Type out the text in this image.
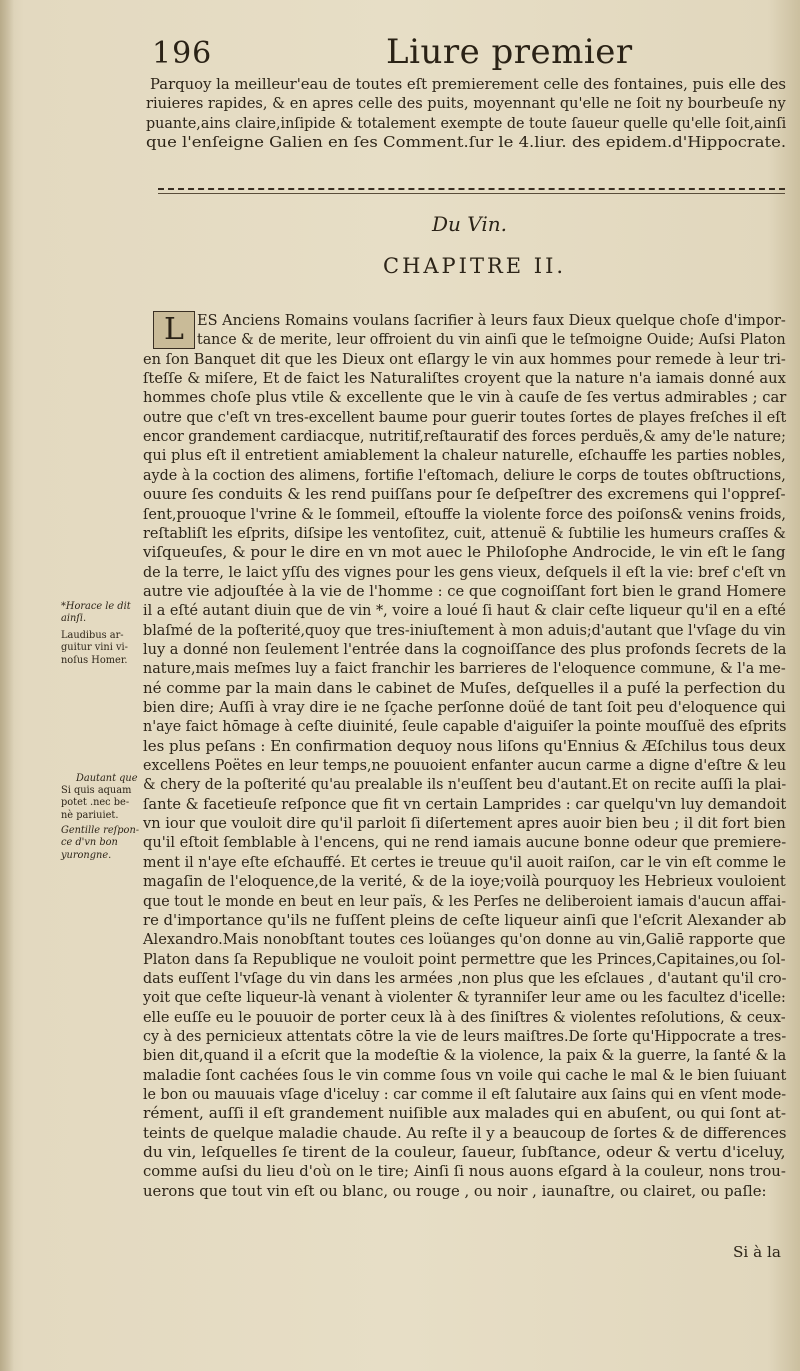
196	Liure premier
Parquoy la meilleur'eau de toutes eſt premierement celle des fontaines, puis elle des
riuieres rapides, & en apres celle des puits, moyennant qu'elle ne ſoit ny bourbeuſe ny
puante,ains claire,inſipide & totalement exempte de toute ſaueur quelle qu'elle ſoit,ainſi
que l'enſeigne Galien en ſes Comment.ſur le 4.liur. des epidem.d'Hippocrate.
Du Vin.
CHAPITRE II.
L ES Anciens Romains voulans ſacrifier à leurs faux Dieux quelque choſe d'impor-
tance & de merite, leur offroient du vin ainſi que le teſmoigne Ouide; Auſsi Platon
en ſon Banquet dit que les Dieux ont eſlargy le vin aux hommes pour remede à leur tri-
ſteſſe & miſere, Et de faict les Naturaliſtes croyent que la nature n'a iamais donné aux
hommes choſe plus vtile & excellente que le vin à cauſe de ſes vertus admirables ; car
outre que c'eſt vn tres-excellent baume pour guerir toutes ſortes de playes freſches il eſt
encor grandement cardiacque, nutritif,reſtauratif des forces perduës,& amy de'le nature;
qui plus eſt il entretient amiablement la chaleur naturelle, eſchauffe les parties nobles,
ayde à la coction des alimens, fortifie l'eſtomach, deliure le corps de toutes obſtructions,
ouure ſes conduits & les rend puiſſans pour ſe deſpeſtrer des excremens qui l'oppreſ-
ſent,prouoque l'vrine & le ſommeil, eſtouffe la violente force des poiſons& venins froids,
reſtabliſt les eſprits, diſsipe les ventoſitez, cuit, attenuë & ſubtilie les humeurs craſſes &
viſqueuſes, & pour le dire en vn mot auec le Philoſophe Androcide, le vin eſt le ſang
de la terre, le laict yſſu des vignes pour les gens vieux, deſquels il eſt la vie: bref c'eſt vn
autre vie adjouſtée à la vie de l'homme : ce que cognoiſſant fort bien le grand Homere
il a eſté autant diuin que de vin *, voire a loué ſi haut & clair ceſte liqueur qu'il en a eſté
blaſmé de la poſterité,quoy que tres-iniuſtement à mon aduis;d'autant que l'vſage du vin
luy a donné non ſeulement l'entrée dans la cognoiſſance des plus profonds ſecrets de la
nature,mais meſmes luy a faict franchir les barrieres de l'eloquence commune, & l'a me-
né comme par la main dans le cabinet de Muſes, deſquelles il a puſé la perfection du
bien dire; Auſſi à vray dire ie ne ſçache perſonne doüé de tant ſoit peu d'eloquence qui
n'aye faict hōmage à ceſte diuinité, ſeule capable d'aiguiſer la pointe mouſſuë des eſprits
les plus peſans : En confirmation dequoy nous liſons qu'Ennius & Æſchilus tous deux
excellens Poëtes en leur temps,ne pouuoient enfanter aucun carme a digne d'eſtre & leu
& chery de la poſterité qu'au prealable ils n'euſſent beu d'autant.Et on recite auſſi la plai-
ſante & facetieuſe reſponce que fit vn certain Lamprides : car quelqu'vn luy demandoit
vn iour que vouloit dire qu'il parloit ſi diſertement apres auoir bien beu ; il dit fort bien
qu'il eſtoit ſemblable à l'encens, qui ne rend iamais aucune bonne odeur que premiere-
ment il n'aye eſte eſchauffé. Et certes ie treuue qu'il auoit raiſon, car le vin eſt comme le
magaſin de l'eloquence,de la verité, & de la ioye;voilà pourquoy les Hebrieux vouloient
que tout le monde en beut en leur païs, & les Perſes ne deliberoient iamais d'aucun affai-
re d'importance qu'ils ne fuſſent pleins de ceſte liqueur ainſi que l'eſcrit Alexander ab
Alexandro.Mais nonobſtant toutes ces loüanges qu'on donne au vin,Galiē rapporte que
Platon dans ſa Republique ne vouloit point permettre que les Princes,Capitaines,ou ſol-
dats euſſent l'vſage du vin dans les armées ,non plus que les eſclaues , d'autant qu'il cro-
yoit que ceſte liqueur-là venant à violenter & tyranniſer leur ame ou les facultez d'icelle:
elle euſſe eu le pouuoir de porter ceux là à des ſiniſtres & violentes reſolutions, & ceux-
cy à des pernicieux attentats cōtre la vie de leurs maiſtres.De ſorte qu'Hippocrate a tres-
bien dit,quand il a eſcrit que la modeſtie & la violence, la paix & la guerre, la ſanté & la
maladie ſont cachées ſous le vin comme ſous vn voile qui cache le mal & le bien ſuiuant
le bon ou mauuais vſage d'iceluy : car comme il eſt ſalutaire aux ſains qui en vſent mode-
rément, auſſi il eſt grandement nuiſible aux malades qui en abuſent, ou qui ſont at-
teints de quelque maladie chaude. Au reſte il y a beaucoup de ſortes & de differences
du vin, leſquelles ſe tirent de la couleur, ſaueur, ſubſtance, odeur & vertu d'iceluy,
comme auſsi du lieu d'où on le tire; Ainſi ſi nous auons eſgard à la couleur, nons trou-
uerons que tout vin eſt ou blanc, ou rouge , ou noir , iaunaſtre, ou clairet, ou paſle:
*Horace le dit
ainſi.
Laudibus ar-
guitur vini vi-
noſus Homer.
Dautant que
Si quis aquam
potet .nec be-
nè pariuiet.
Gentille reſpon-
ce d'vn bon
yurongne.
Si à la
